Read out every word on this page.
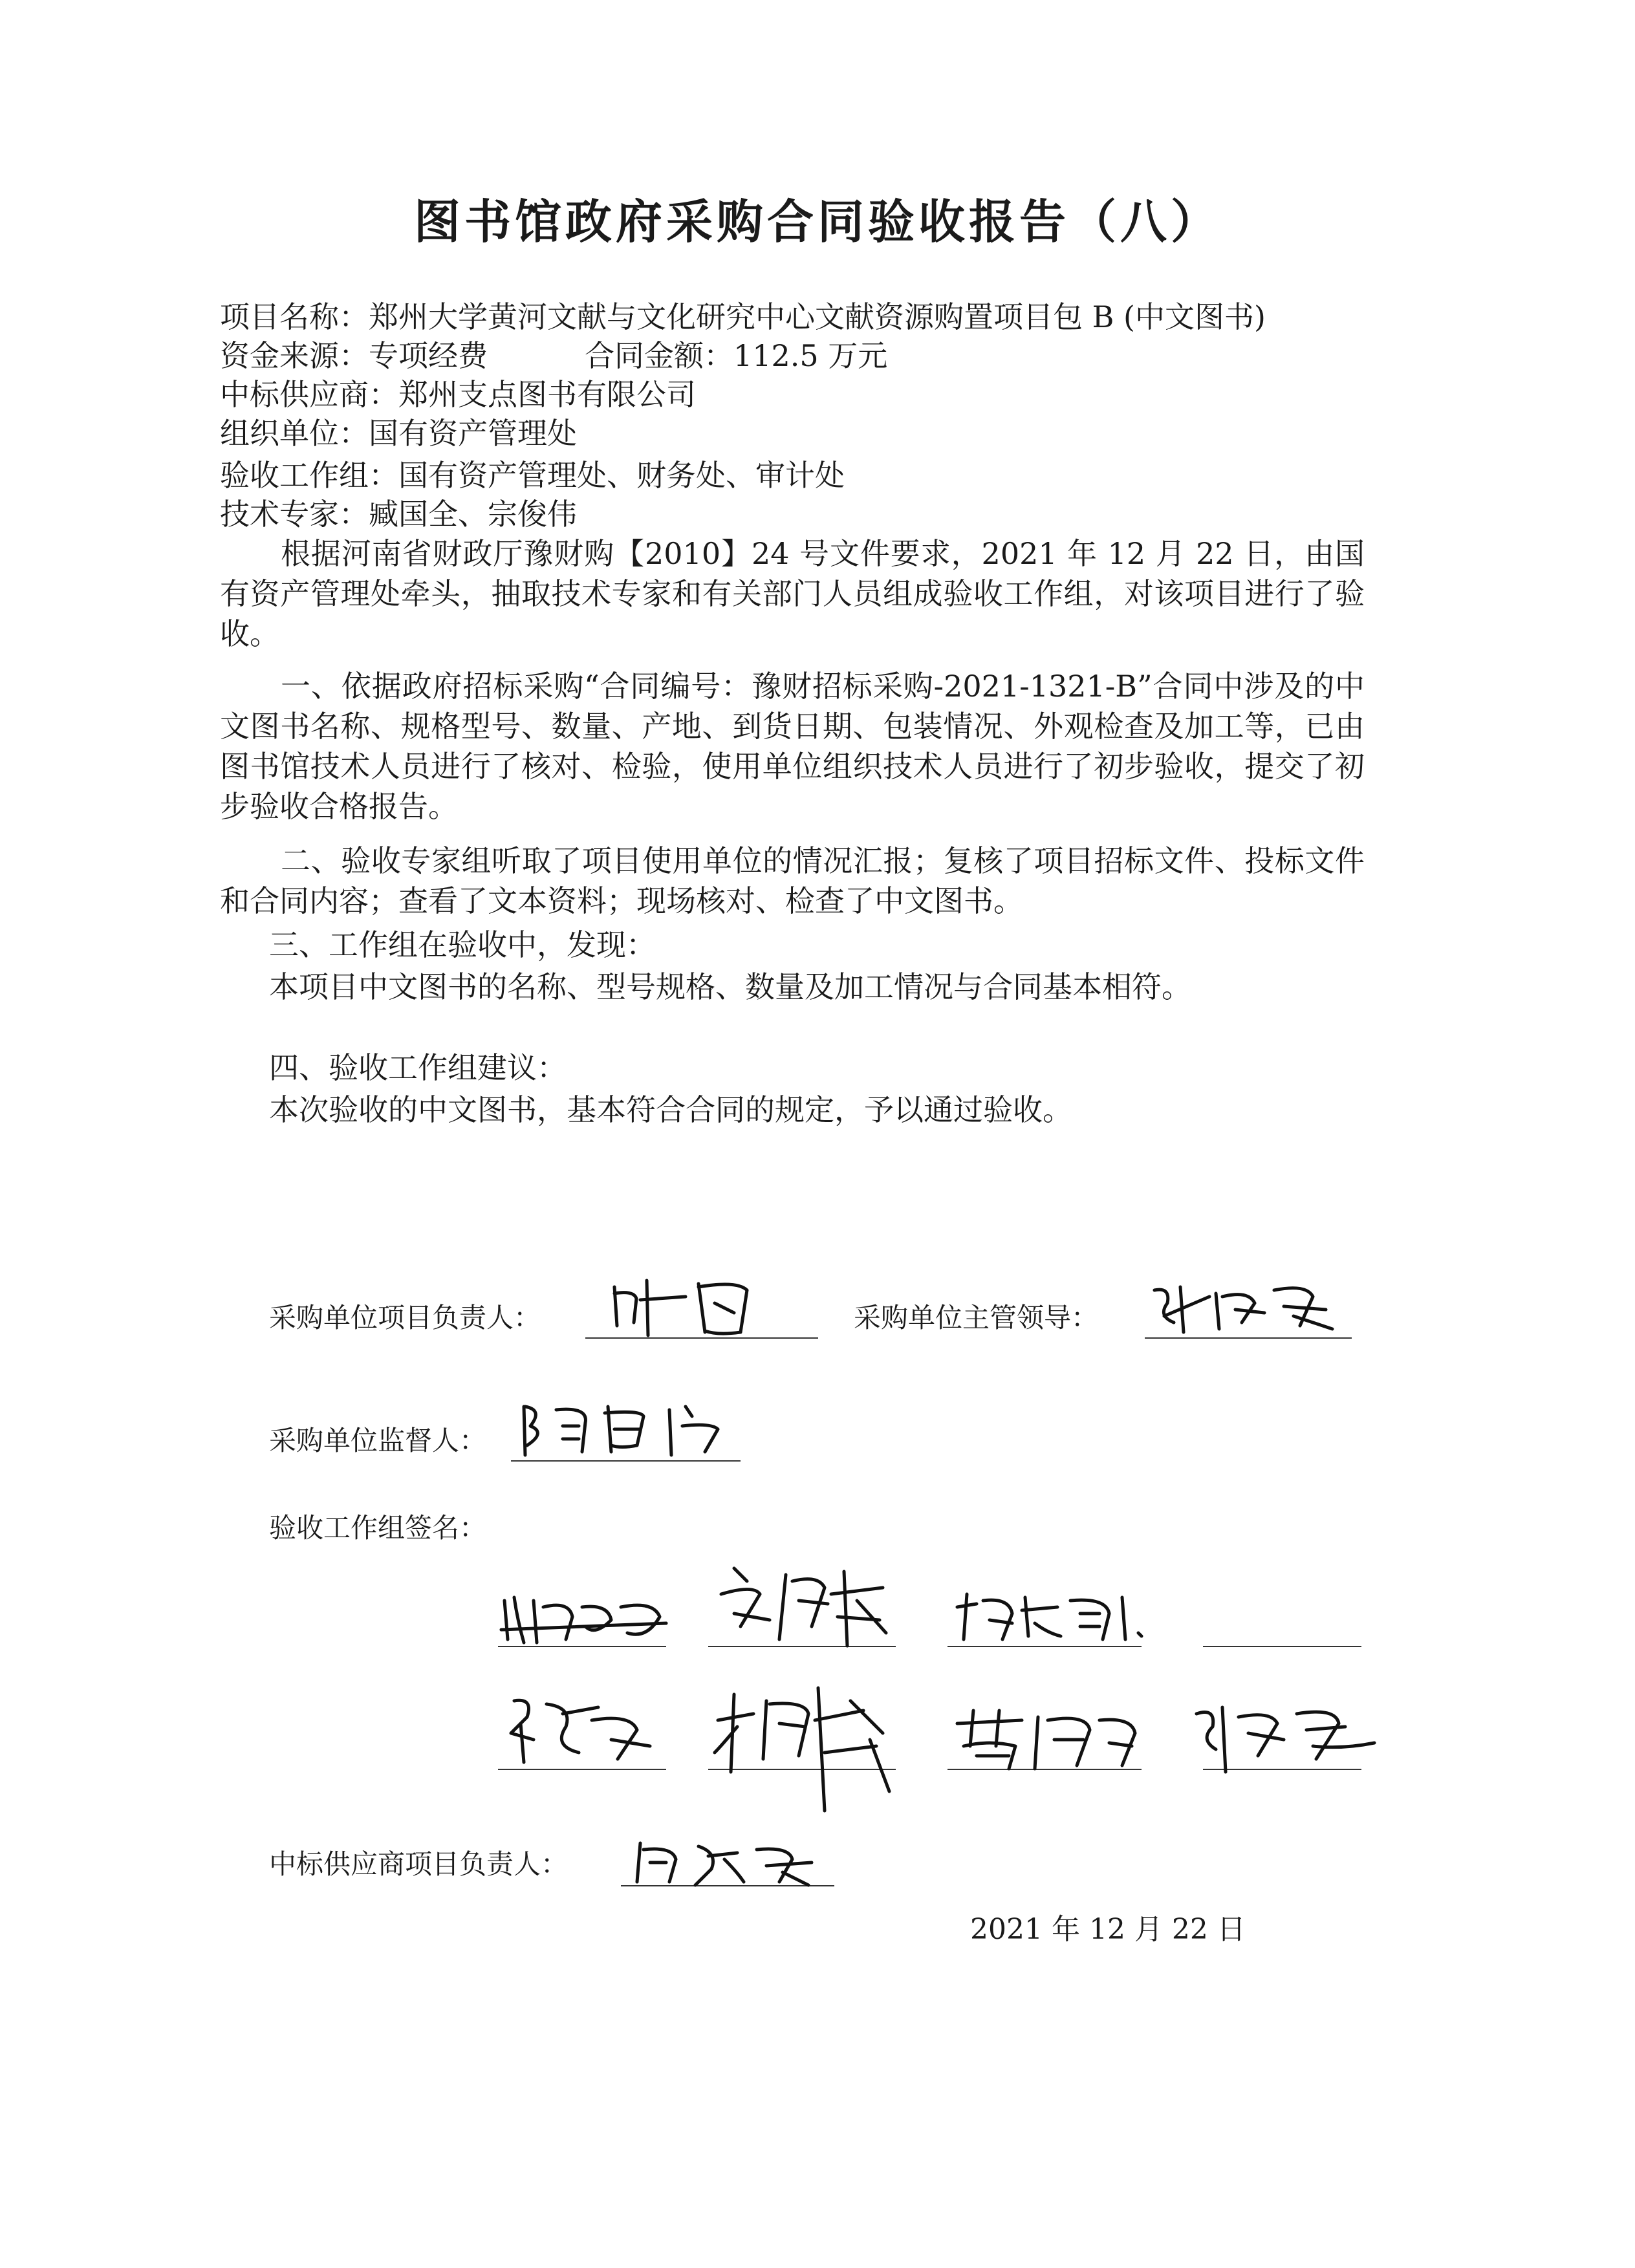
图书馆政府采购合同验收报告（八）
项目名称：郑州大学黄河文献与文化研究中心文献资源购置项目包 B (中文图书)
资金来源：专项经费	合同金额：112.5 万元
中标供应商：郑州支点图书有限公司
组织单位：国有资产管理处
验收工作组：国有资产管理处、财务处、审计处
技术专家：臧国全、宗俊伟
根据河南省财政厅豫财购【2010】24 号文件要求，2021 年 12 月 22 日，由国有资产管理处牵头，抽取技术专家和有关部门人员组成验收工作组，对该项目进行了验收。
一、依据政府招标采购“合同编号：豫财招标采购-2021-1321-B”合同中涉及的中文图书名称、规格型号、数量、产地、到货日期、包装情况、外观检查及加工等，已由图书馆技术人员进行了核对、检验，使用单位组织技术人员进行了初步验收，提交了初步验收合格报告。
二、验收专家组听取了项目使用单位的情况汇报；复核了项目招标文件、投标文件和合同内容；查看了文本资料；现场核对、检查了中文图书。
三、工作组在验收中，发现：
本项目中文图书的名称、型号规格、数量及加工情况与合同基本相符。
四、验收工作组建议：
本次验收的中文图书，基本符合合同的规定，予以通过验收。
采购单位项目负责人：	采购单位主管领导：
采购单位监督人：
验收工作组签名：
中标供应商项目负责人：
2021 年 12 月 22 日
